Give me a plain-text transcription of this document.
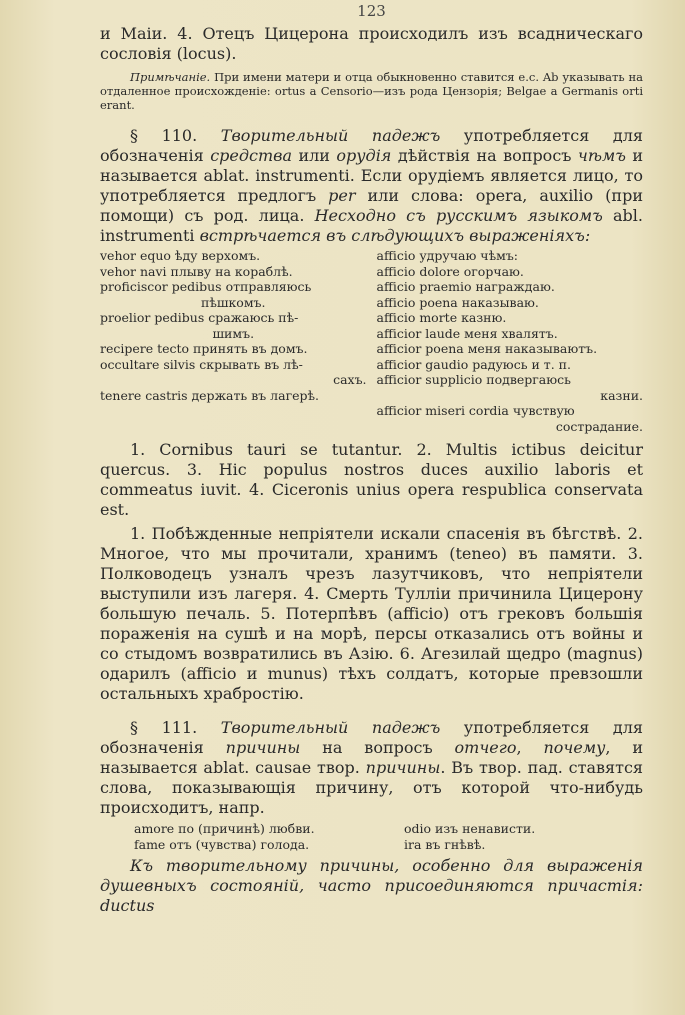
123

и Маiи. 4. Отецъ Цицерона происходилъ изъ всадническаго сословiя (locus).

Примѣчанiе. При имени матери и отца обыкновенно ставится е.с. Ab указывать на отдаленное происхожденiе: ortus a Censorio—изъ рода Цензорiя; Belgae a Germanis orti erant.

§ 110. Творительный падежъ употребляется для обозначенiя средства или орудiя дѣйствiя на вопросъ чѣмъ и называется ablat. instrumenti. Если орудiемъ является лицо, то употребляется предлогъ per или слова: opera, auxilio (при помощи) съ род. лица. Несходно съ русскимъ языкомъ abl. instrumenti встрѣчается въ слѣдующихъ выраженiяхъ:

vehor equo ѣду верхомъ.
vehor navi плыву на кораблѣ.
proficiscor pedibus отправляюсь
пѣшкомъ.
proelior pedibus сражаюсь пѣ-
шимъ.
recipere tecto принять въ домъ.
occultare silvis скрывать въ лѣ-
сахъ.
tenere castris держать въ лагерѣ.
afficio удручаю чѣмъ:
afficio dolore огорчаю.
afficio praemio награждаю.
afficio poena наказываю.
afficio morte казню.
afficior laude меня хвалятъ.
afficior poena меня наказываютъ.
afficior gaudio радуюсь и т. п.
afficior supplicio подвергаюсь
казни.
afficior miseri cordia чувствую
сострадание.

1. Cornibus tauri se tutantur. 2. Multis ictibus deicitur quercus. 3. Hic populus nostros duces auxilio laboris et commeatus iuvit. 4. Ciceronis unius opera respublica conservata est.

1. Побѣжденные непрiятели искали спасенiя въ бѣгствѣ. 2. Многое, что мы прочитали, хранимъ (teneo) въ памяти. 3. Полководецъ узналъ чрезъ лазутчиковъ, что непрiятели выступили изъ лагеря. 4. Смерть Туллiи причинила Цицерону большую печаль. 5. Потерпѣвъ (afficio) отъ грековъ большiя пораженiя на сушѣ и на морѣ, персы отказались отъ войны и со стыдомъ возвратились въ Азiю. 6. Агезилай щедро (magnus) одарилъ (afficio и munus) тѣхъ солдатъ, которые превзошли остальныхъ храбростiю.

§ 111. Творительный падежъ употребляется для обозначенiя причины на вопросъ отчего, почему, и называется ablat. causae твор. причины. Въ твор. пад. ставятся слова, показывающiя причину, отъ которой что-нибудь происходитъ, напр.

amore по (причинѣ) любви.
fame отъ (чувства) голода.
odio изъ ненависти.
ira въ гнѣвѣ.

Къ творительному причины, особенно для выраженiя душевныхъ состоянiй, часто присоединяются причастiя: ductus
